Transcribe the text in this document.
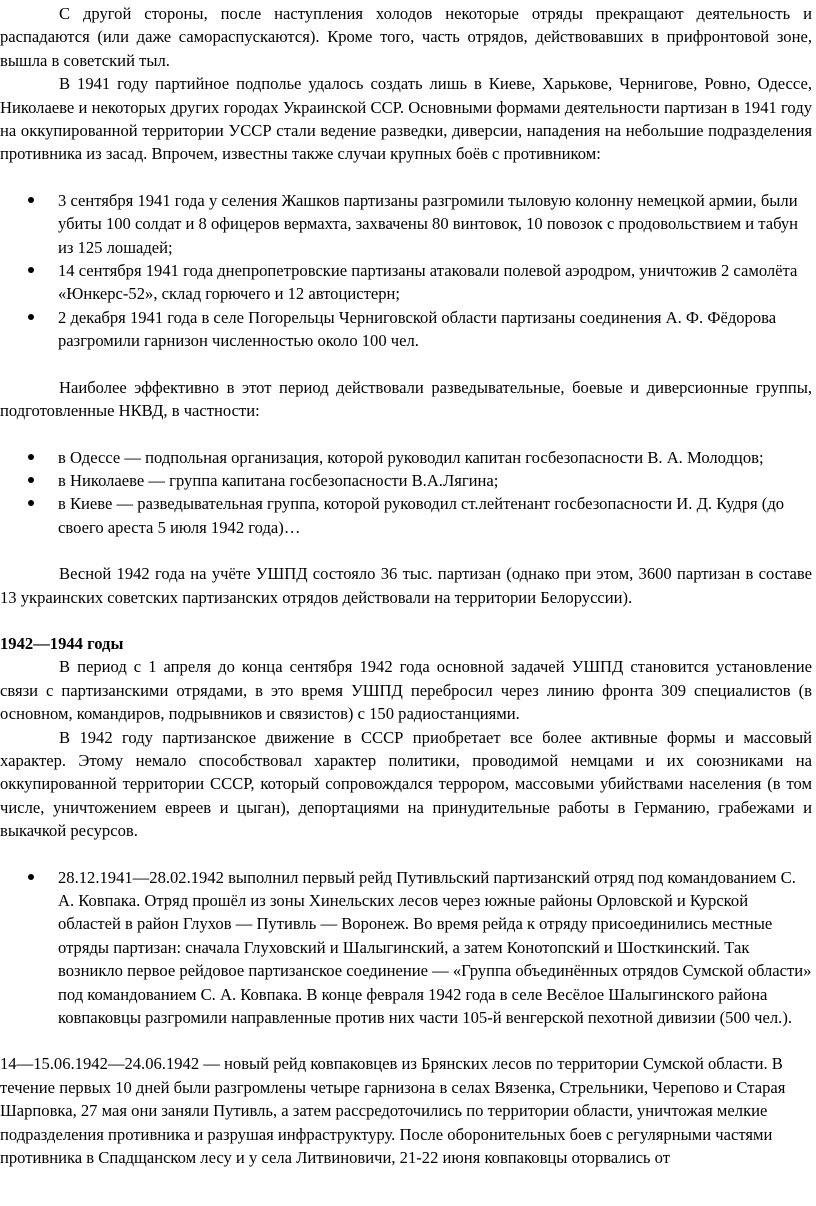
С другой стороны, после наступления холодов некоторые отряды прекращают деятельность и распадаются (или даже самораспускаются). Кроме того, часть отрядов, действовавших в прифронтовой зоне, вышла в советский тыл.

В 1941 году партийное подполье удалось создать лишь в Киеве, Харькове, Чернигове, Ровно, Одессе, Николаеве и некоторых других городах Украинской ССР. Основными формами деятельности партизан в 1941 году на оккупированной территории УССР стали ведение разведки, диверсии, нападения на небольшие подразделения противника из засад. Впрочем, известны также случаи крупных боёв с противником:

3 сентября 1941 года у селения Жашков партизаны разгромили тыловую колонну немецкой армии, были убиты 100 солдат и 8 офицеров вермахта, захвачены 80 винтовок, 10 повозок с продовольствием и табун из 125 лошадей;
14 сентября 1941 года днепропетровские партизаны атаковали полевой аэродром, уничтожив 2 самолёта «Юнкерс-52», склад горючего и 12 автоцистерн;
2 декабря 1941 года в селе Погорельцы Черниговской области партизаны соединения А. Ф. Фёдорова разгромили гарнизон численностью около 100 чел.

Наиболее эффективно в этот период действовали разведывательные, боевые и диверсионные группы, подготовленные НКВД, в частности:

в Одессе — подпольная организация, которой руководил капитан госбезопасности В. А. Молодцов;
в Николаеве — группа капитана госбезопасности В.А.Лягина;
в Киеве — разведывательная группа, которой руководил ст.лейтенант госбезопасности И. Д. Кудря (до своего ареста 5 июля 1942 года)…

Весной 1942 года на учёте УШПД состояло 36 тыс. партизан (однако при этом, 3600 партизан в составе 13 украинских советских партизанских отрядов действовали на территории Белоруссии).

1942—1944 годы

В период с 1 апреля до конца сентября 1942 года основной задачей УШПД становится установление связи с партизанскими отрядами, в это время УШПД перебросил через линию фронта 309 специалистов (в основном, командиров, подрывников и связистов) с 150 радиостанциями.

В 1942 году партизанское движение в СССР приобретает все более активные формы и массовый характер. Этому немало способствовал характер политики, проводимой немцами и их союзниками на оккупированной территории СССР, который сопровождался террором, массовыми убийствами населения (в том числе, уничтожением евреев и цыган), депортациями на принудительные работы в Германию, грабежами и выкачкой ресурсов.

28.12.1941—28.02.1942 выполнил первый рейд Путивльский партизанский отряд под командованием С. А. Ковпака. Отряд прошёл из зоны Хинельских лесов через южные районы Орловской и Курской областей в район Глухов — Путивль — Воронеж. Во время рейда к отряду присоединились местные отряды партизан: сначала Глуховский и Шалыгинский, а затем Конотопский и Шосткинский. Так возникло первое рейдовое партизанское соединение — «Группа объединённых отрядов Сумской области» под командованием С. А. Ковпака. В конце февраля 1942 года в селе Весёлое Шалыгинского района ковпаковцы разгромили направленные против них части 105-й венгерской пехотной дивизии (500 чел.).

14—15.06.1942—24.06.1942 — новый рейд ковпаковцев из Брянских лесов по территории Сумской области. В течение первых 10 дней были разгромлены четыре гарнизона в селах Вязенка, Стрельники, Черепово и Старая Шарповка, 27 мая они заняли Путивль, а затем рассредоточились по территории области, уничтожая мелкие подразделения противника и разрушая инфраструктуру. После оборонительных боев с регулярными частями противника в Спадщанском лесу и у села Литвиновичи, 21-22 июня ковпаковцы оторвались от
